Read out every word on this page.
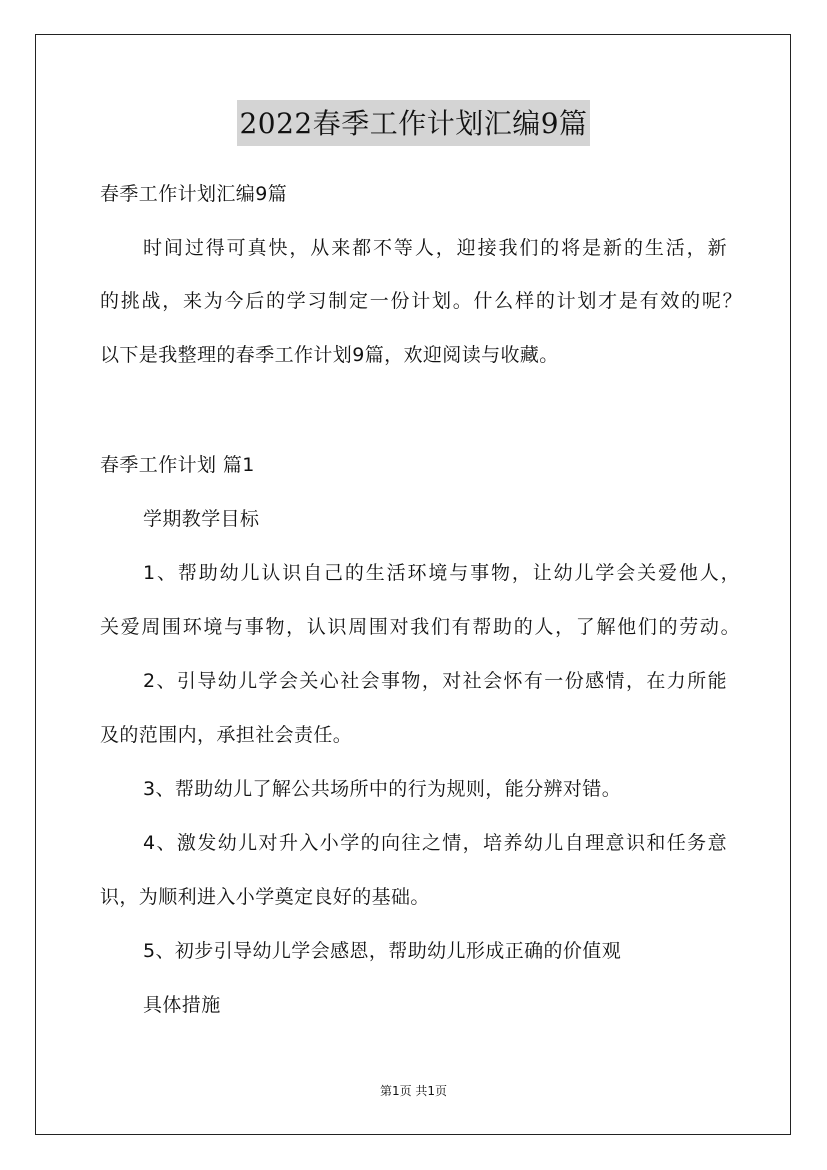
2022春季工作计划汇编9篇
春季工作计划汇编9篇
时间过得可真快，从来都不等人，迎接我们的将是新的生活，新
的挑战，来为今后的学习制定一份计划。什么样的计划才是有效的呢？
以下是我整理的春季工作计划9篇，欢迎阅读与收藏。
春季工作计划 篇1
学期教学目标
1、帮助幼儿认识自己的生活环境与事物，让幼儿学会关爱他人，
关爱周围环境与事物，认识周围对我们有帮助的人，了解他们的劳动。
2、引导幼儿学会关心社会事物，对社会怀有一份感情，在力所能
及的范围内，承担社会责任。
3、帮助幼儿了解公共场所中的行为规则，能分辨对错。
4、激发幼儿对升入小学的向往之情，培养幼儿自理意识和任务意
识，为顺利进入小学奠定良好的基础。
5、初步引导幼儿学会感恩，帮助幼儿形成正确的价值观
具体措施
第1页 共1页
